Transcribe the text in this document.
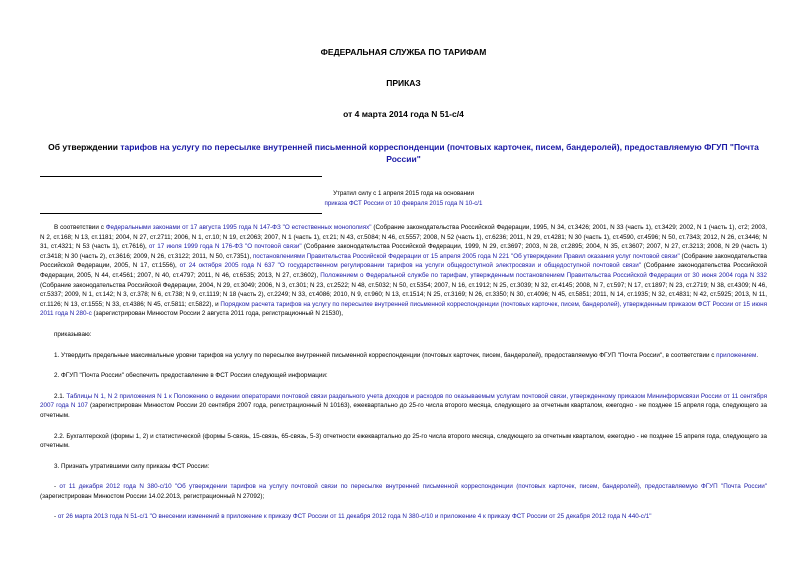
ФЕДЕРАЛЬНАЯ СЛУЖБА ПО ТАРИФАМ
ПРИКАЗ
от 4 марта 2014 года N 51-с/4
Об утверждении тарифов на услугу по пересылке внутренней письменной корреспонденции (почтовых карточек, писем, бандеролей), предоставляемую ФГУП "Почта России"
Утратил силу с 1 апреля 2015 года на основании
приказа ФСТ России от 10 февраля 2015 года N 10-с/1

В соответствии с Федеральными законами от 17 августа 1995 года N 147-ФЗ "О естественных монополиях" (Собрание законодательства Российской Федерации, 1995, N 34, ст.3426; 2001, N 33 (часть 1), ст.3429; 2002, N 1 (часть 1), ст2; 2003, N 2, ст.168; N 13, ст.1181; 2004, N 27, ст.2711; 2006, N 1, ст.10; N 19, ст.2063; 2007, N 1 (часть 1), ст.21; N 43, ст.5084; N 46, ст.5557; 2008, N 52 (часть 1), ст.6236; 2011, N 29, ст.4281; N 30 (часть 1), ст.4590, ст.4596; N 50, ст.7343; 2012, N 26, ст.3446; N 31, ст.4321; N 53 (часть 1), ст.7616), от 17 июля 1999 года N 176-ФЗ "О почтовой связи" (Собрание законодательства Российской Федерации, 1999, N 29, ст.3697; 2003, N 28, ст.2895; 2004, N 35, ст.3607; 2007, N 27, ст.3213; 2008, N 29 (часть 1) ст.3418; N 30 (часть 2), ст.3616; 2009, N 26, ст.3122; 2011, N 50, ст.7351), постановлениями Правительства Российской Федерации от 15 апреля 2005 года N 221 "Об утверждении Правил оказания услуг почтовой связи" (Собрание законодательства Российской Федерации, 2005, N 17, ст.1556), от 24 октября 2005 года N 637 "О государственном регулировании тарифов на услуги общедоступной электросвязи и общедоступной почтовой связи" (Собрание законодательства Российской Федерации, 2005, N 44, ст.4561; 2007, N 40, ст.4797; 2011, N 46, ст.6535; 2013, N 27, ст.3602), Положением о Федеральной службе по тарифам, утвержденным постановлением Правительства Российской Федерации от 30 июня 2004 года N 332 (Собрание законодательства Российской Федерации, 2004, N 29, ст.3049; 2006, N 3, ст.301; N 23, ст.2522; N 48, ст.5032; N 50, ст.5354; 2007, N 16, ст.1912; N 25, ст.3039; N 32, ст.4145; 2008, N 7, ст.597; N 17, ст.1897; N 23, ст.2719; N 38, ст.4309; N 46, ст.5337; 2009, N 1, ст.142; N 3, ст.378; N 6, ст.738; N 9, ст.1119; N 18 (часть 2), ст.2249; N 33, ст.4086; 2010, N 9, ст.960; N 13, ст.1514; N 25, ст.3169; N 26, ст.3350; N 30, ст.4096; N 45, ст.5851; 2011, N 14, ст.1935; N 32, ст.4831; N 42, ст.5925; 2013, N 11, ст.1126; N 13, ст.1555; N 33, ст.4386; N 45, ст.5811; ст.5822), и Порядком расчета тарифов на услугу по пересылке внутренней письменной корреспонденции (почтовых карточек, писем, бандеролей), утвержденным приказом ФСТ России от 15 июня 2011 года N 280-с (зарегистрирован Минюстом России 2 августа 2011 года, регистрационный N 21530),

приказываю:

1. Утвердить предельные максимальные уровни тарифов на услугу по пересылке внутренней письменной корреспонденции (почтовых карточек, писем, бандеролей), предоставляемую ФГУП "Почта России", в соответствии с приложением.

2. ФГУП "Почта России" обеспечить предоставление в ФСТ России следующей информации:

2.1. Таблицы N 1, N 2 приложения N 1 к Положению о ведении операторами почтовой связи раздельного учета доходов и расходов по оказываемым услугам почтовой связи, утвержденному приказом Мининформсвязи России от 11 сентября 2007 года N 107 (зарегистрирован Минюстом России 20 сентября 2007 года, регистрационный N 10163), ежеквартально до 25-го числа второго месяца, следующего за отчетным кварталом, ежегодно - не позднее 15 апреля года, следующего за отчетным.

2.2. Бухгалтерской (формы 1, 2) и статистической (формы 5-связь, 15-связь, 65-связь, 5-3) отчетности ежеквартально до 25-го числа второго месяца, следующего за отчетным кварталом, ежегодно - не позднее 15 апреля года, следующего за отчетным.

3. Признать утратившими силу приказы ФСТ России:

- от 11 декабря 2012 года N 380-с/10 "Об утверждении тарифов на услугу почтовой связи по пересылке внутренней письменной корреспонденции (почтовых карточек, писем, бандеролей), предоставляемую ФГУП "Почта России" (зарегистрирован Минюстом России 14.02.2013, регистрационный N 27092);

- от 26 марта 2013 года N 51-с/1 "О внесении изменений в приложение к приказу ФСТ России от 11 декабря 2012 года N 380-с/10 и приложение 4 к приказу ФСТ России от 25 декабря 2012 года N 440-с/1"
